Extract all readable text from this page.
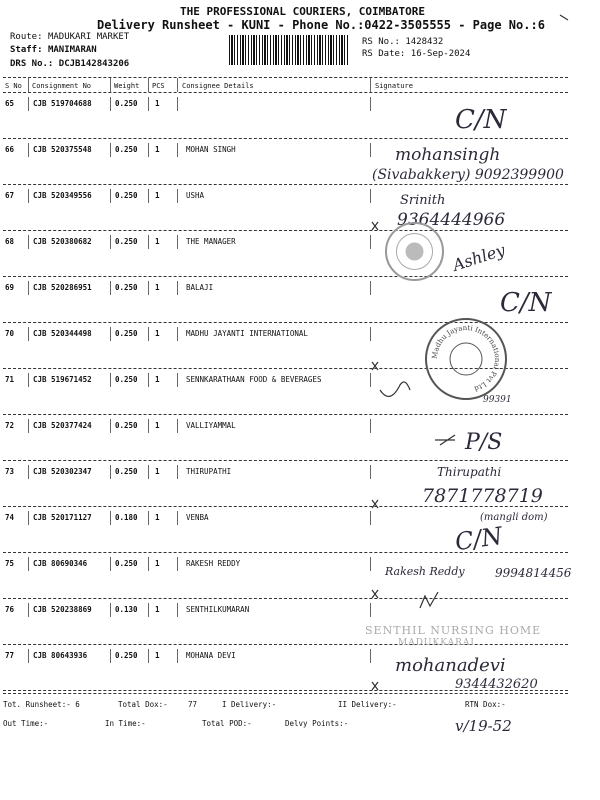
THE PROFESSIONAL COURIERS, COIMBATORE
Delivery Runsheet - KUNI - Phone No.:0422-3505555 - Page No.:6
Route: MADUKARI MARKET
Staff: MANIMARAN
DRS No.: DCJB142843206
RS No.: 1428432
RS Date: 16-Sep-2024
S No Consignment No	Weight PCS Consignee Details	Signature
65	CJB 519704688	0.250 1
66	CJB 520375548	0.250 1	MOHAN SINGH
67	CJB 520349556	0.250 1	USHA
68	CJB 520380682	0.250 1	THE MANAGER
69	CJB 520286951	0.250 1	BALAJI
70	CJB 520344498	0.250 1	MADHU JAYANTI INTERNATIONAL
71	CJB 519671452	0.250 1	SENNKARATHAAN FOOD & BEVERAGES
72	CJB 520377424	0.250 1	VALLIYAMMAL
73	CJB 520302347	0.250 1	THIRUPATHI
74	CJB 520171127	0.180 1	VENBA
75	CJB 80690346	0.250 1	RAKESH REDDY
76	CJB 520238869	0.130 1	SENTHILKUMARAN
77	CJB 80643936	0.250 1	MOHANA DEVI
C/N
mohansingh
(Sivabakkery) 9092399900
Srinith
9364444966
Ashley
C/N
99391
P/S
Thirupathi
7871778719
(mangli dom)
C/N
Rakesh Reddy	9994814456
mohanadevi
9344432620
v/19-52
Madhu Jayanti International Pvt Ltd
SENTHIL NURSING HOME
MADUKKARAI
Tot. Runsheet:- 6	Total Dox:-	77	I Delivery:-	II Delivery:-	RTN Dox:-
Out Time:-	In Time:-	Total POD:-	Delvy Points:-
